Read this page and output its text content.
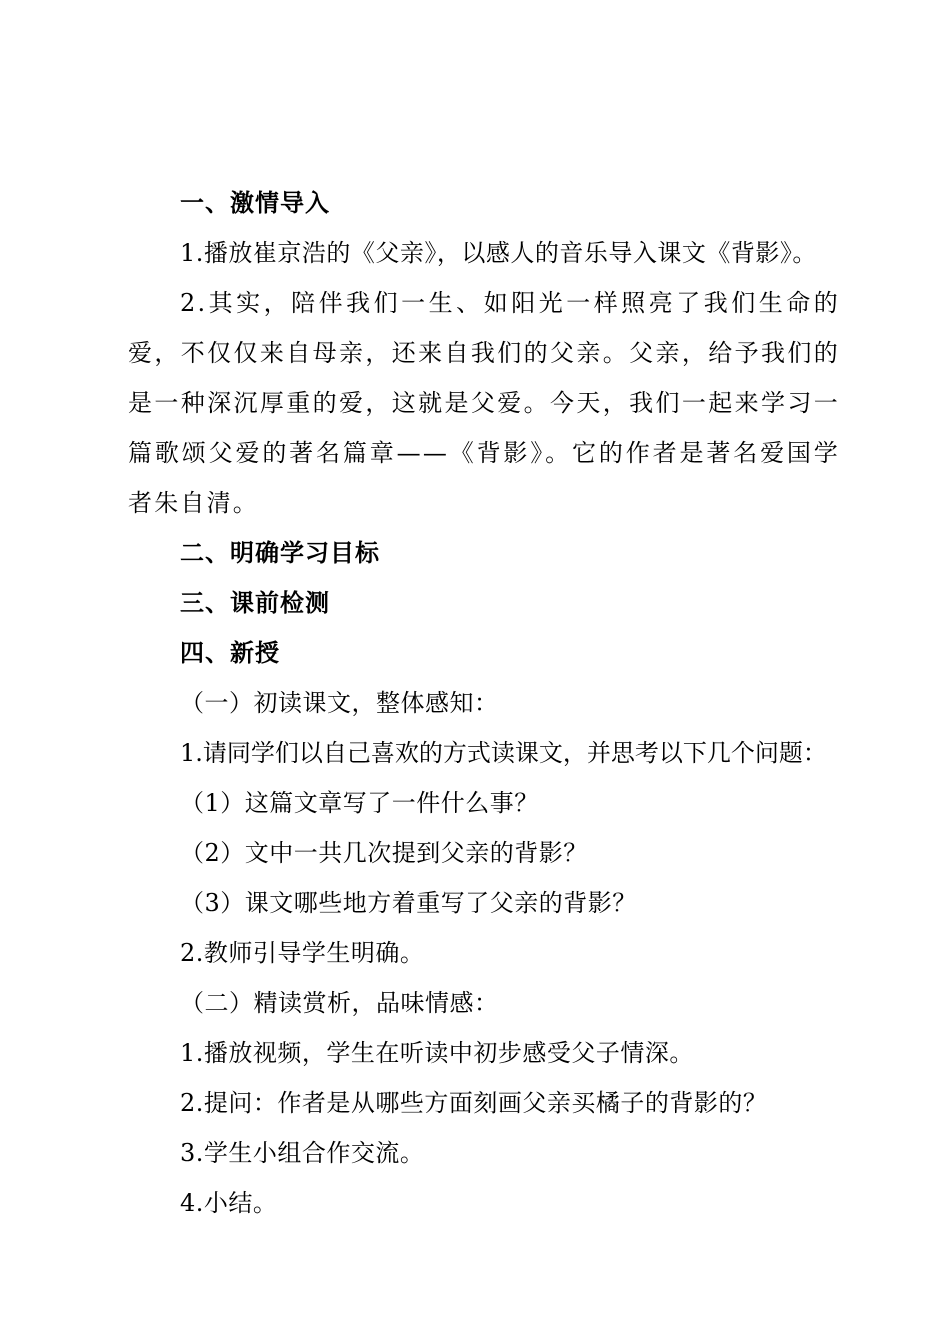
一、激情导入
1.播放崔京浩的《父亲》，以感人的音乐导入课文《背影》。
2.其实，陪伴我们一生、如阳光一样照亮了我们生命的爱，不仅仅来自母亲，还来自我们的父亲。父亲，给予我们的是一种深沉厚重的爱，这就是父爱。今天，我们一起来学习一篇歌颂父爱的著名篇章——《背影》。它的作者是著名爱国学者朱自清。
二、明确学习目标
三、课前检测
四、新授
（一）初读课文，整体感知：
1.请同学们以自己喜欢的方式读课文，并思考以下几个问题：
（1）这篇文章写了一件什么事？
（2）文中一共几次提到父亲的背影？
（3）课文哪些地方着重写了父亲的背影？
2.教师引导学生明确。
（二）精读赏析，品味情感：
1.播放视频，学生在听读中初步感受父子情深。
2.提问：作者是从哪些方面刻画父亲买橘子的背影的？
3.学生小组合作交流。
4.小结。
